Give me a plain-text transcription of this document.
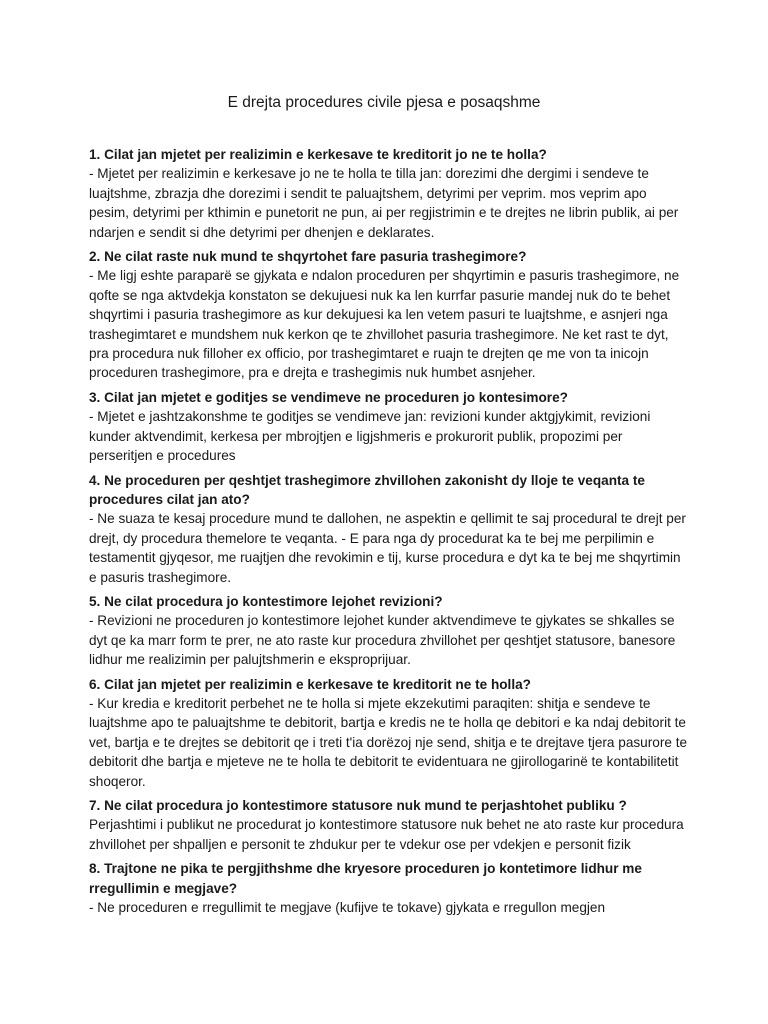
E drejta procedures civile pjesa e posaqshme
1. Cilat jan mjetet per realizimin e kerkesave te kreditorit jo ne te holla?
- Mjetet per realizimin e kerkesave jo ne te holla te tilla jan: dorezimi dhe dergimi i sendeve te luajtshme, zbrazja dhe dorezimi i sendit te paluajtshem, detyrimi per veprim. mos veprim apo pesim, detyrimi per kthimin e punetorit ne pun, ai per regjistrimin e te drejtes ne librin publik, ai per ndarjen e sendit si dhe detyrimi per dhenjen e deklarates.
2. Ne cilat raste nuk mund te shqyrtohet fare pasuria trashegimore?
- Me ligj eshte paraparë se gjykata e ndalon proceduren per shqyrtimin e pasuris trashegimore, ne qofte se nga aktvdekja konstaton se dekujuesi nuk ka len kurrfar pasurie mandej nuk do te behet shqyrtimi i pasuria trashegimore as kur dekujuesi ka len vetem pasuri te luajtshme, e asnjeri nga trashegimtaret e mundshem nuk kerkon qe te zhvillohet pasuria trashegimore. Ne ket rast te dyt, pra procedura nuk filloher ex officio, por trashegimtaret e ruajn te drejten qe me von ta inicojn proceduren trashegimore, pra e drejta e trashegimis nuk humbet asnjeher.
3. Cilat jan mjetet e goditjes se vendimeve ne proceduren jo kontesimore?
- Mjetet e jashtzakonshme te goditjes se vendimeve jan: revizioni kunder aktgjykimit, revizioni kunder aktvendimit, kerkesa per mbrojtjen e ligjshmeris e prokurorit publik, propozimi per perseritjen e procedures
4. Ne proceduren per qeshtjet trashegimore zhvillohen zakonisht dy lloje te veqanta te procedures cilat jan ato?
- Ne suaza te kesaj procedure mund te dallohen, ne aspektin e qellimit te saj procedural te drejt per drejt, dy procedura themelore te veqanta. - E para nga dy procedurat ka te bej me perpilimin e testamentit gjyqesor, me ruajtjen dhe revokimin e tij, kurse procedura e dyt ka te bej me shqyrtimin e pasuris trashegimore.
5. Ne cilat procedura jo kontestimore lejohet revizioni?
- Revizioni ne proceduren jo kontestimore lejohet kunder aktvendimeve te gjykates se shkalles se dyt qe ka marr form te prer, ne ato raste kur procedura zhvillohet per qeshtjet statusore, banesore lidhur me realizimin per palujtshmerin e eksproprijuar.
6. Cilat jan mjetet per realizimin e kerkesave te kreditorit ne te holla?
- Kur kredia e kreditorit perbehet ne te holla si mjete ekzekutimi paraqiten: shitja e sendeve te luajtshme apo te paluajtshme te debitorit, bartja e kredis ne te holla qe debitori e ka ndaj debitorit te vet, bartja e te drejtes se debitorit qe i treti t'ia dorëzoj nje send, shitja e te drejtave tjera pasurore te debitorit dhe bartja e mjeteve ne te holla te debitorit te evidentuara ne gjirollogarinë te kontabilitetit shoqeror.
7. Ne cilat procedura jo kontestimore statusore nuk mund te perjashtohet publiku ?
Perjashtimi i publikut ne procedurat jo kontestimore statusore nuk behet ne ato raste kur procedura zhvillohet per shpalljen e personit te zhdukur per te vdekur ose per vdekjen e personit fizik
8. Trajtone ne pika te pergjithshme dhe kryesore proceduren jo kontetimore lidhur me rregullimin e megjave?
- Ne proceduren e rregullimit te megjave (kufijve te tokave) gjykata e rregullon megjen
